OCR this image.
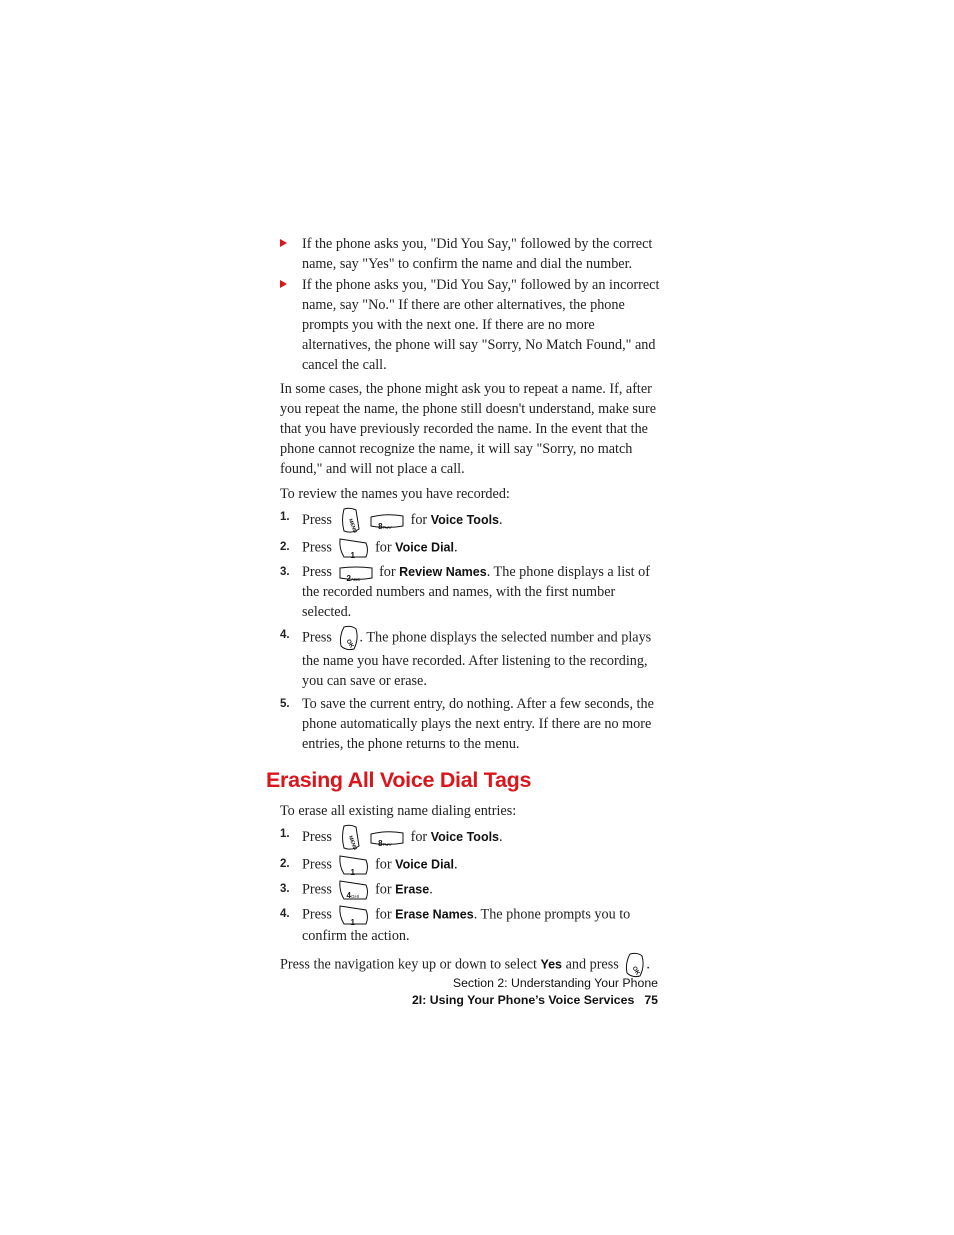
If the phone asks you, "Did You Say," followed by the correct name, say "Yes" to confirm the name and dial the number.

If the phone asks you, "Did You Say," followed by an incorrect name, say "No." If there are other alternatives, the phone prompts you with the next one. If there are no more alternatives, the phone will say "Sorry, No Match Found," and cancel the call.

In some cases, the phone might ask you to repeat a name. If, after you repeat the name, the phone still doesn't understand, make sure that you have previously recorded the name. In the event that the phone cannot recognize the name, it will say "Sorry, no match found," and will not place a call.

To review the names you have recorded:

1. Press	MENU
	8TUV for Voice Tools.
2. Press
1
for Voice Dial.
3. Press 2ABC for Review Names. The phone displays a list of the recorded numbers and names, with the first number selected.
4. Press	OK . The phone displays the selected number and plays the name you have recorded. After listening to the recording, you can save or erase.
5. To save the current entry, do nothing. After a few seconds, the phone automatically plays the next entry. If there are no more entries, the phone returns to the menu.
Erasing All Voice Dial Tags

To erase all existing name dialing entries:

1. Press	MENU
	8TUV for Voice Tools.
2. Press
1
for Voice Dial.
3. Press 4GHI for Erase.
4. Press
1
for Erase Names. The phone prompts you to confirm the action.

Press the navigation key up or down to select Yes and press	OK .

Section 2: Understanding Your Phone
2I: Using Your Phone’s Voice Services 75
